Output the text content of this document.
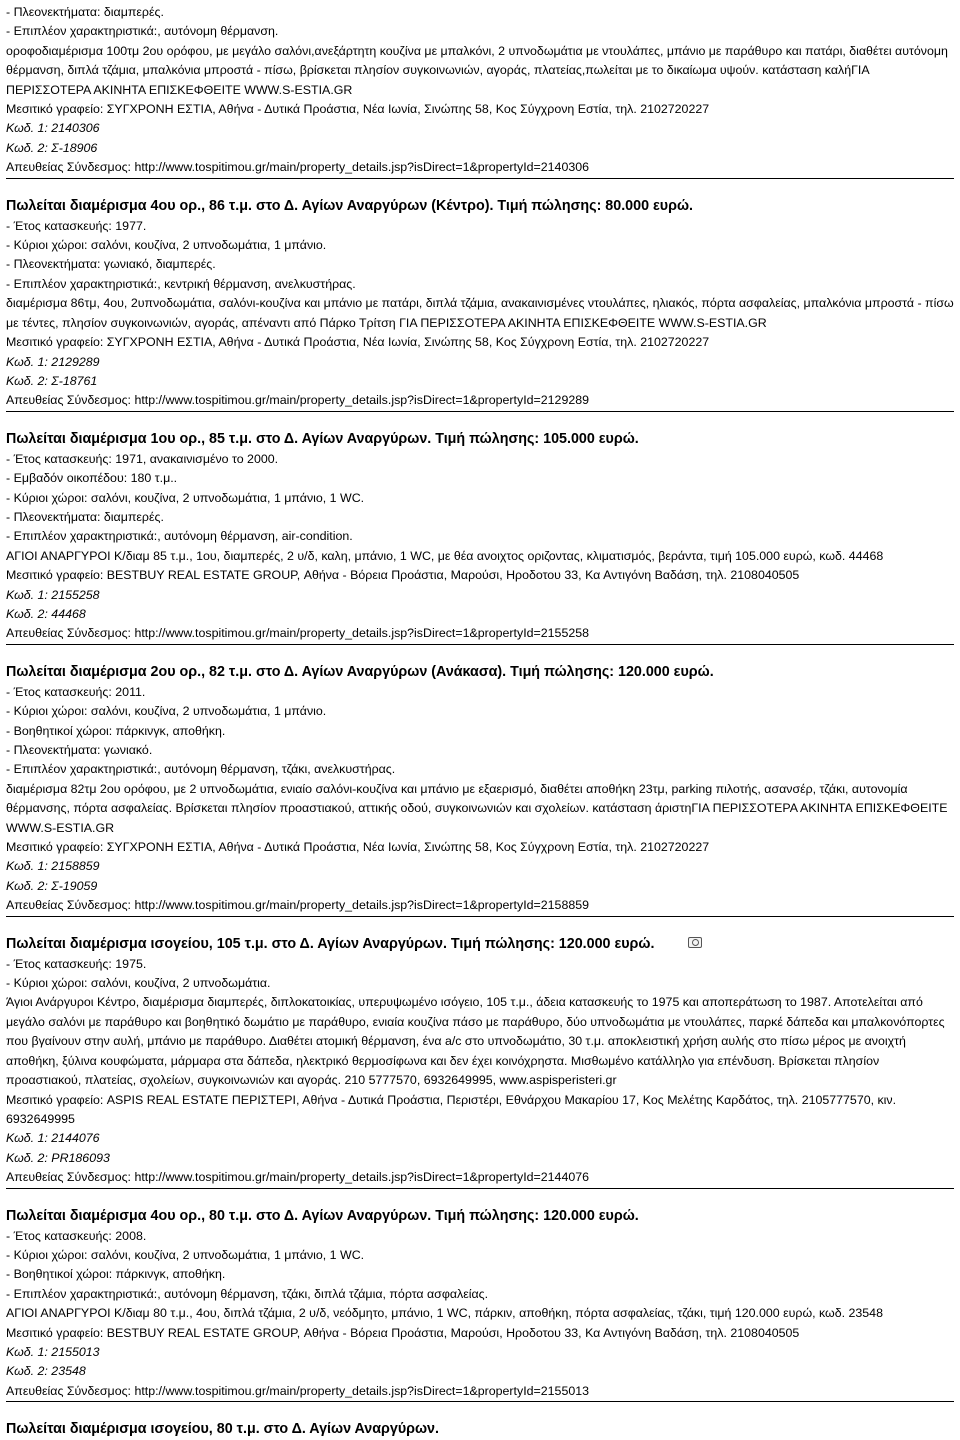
- Πλεονεκτήματα: διαμπερές.

- Επιπλέον χαρακτηριστικά:, αυτόνομη θέρμανση.

οροφοδιαμέρισμα 100τμ 2ου ορόφου, με μεγάλο σαλόνι,ανεξάρτητη κουζίνα με μπαλκόνι, 2 υπνοδωμάτια με ντουλάπες, μπάνιο με παράθυρο και πατάρι, διαθέτει αυτόνομη θέρμανση, διπλά τζάμια, μπαλκόνια μπροστά - πίσω, βρίσκεται πλησίον συγκοινωνιών, αγοράς, πλατείας,πωλείται με το δικαίωμα υψούν. κατάσταση καλήΓΙΑ ΠΕΡΙΣΣΟΤΕΡΑ ΑΚΙΝΗΤΑ ΕΠΙΣΚΕΦΘΕΙΤΕ WWW.S-ESTIA.GR

Μεσιτικό γραφείο: ΣΥΓΧΡΟΝΗ ΕΣΤΙΑ, Αθήνα - Δυτικά Προάστια, Νέα Ιωνία, Σινώπης 58, Κος Σύγχρονη Εστία, τηλ. 2102720227

Κωδ. 1: 2140306

Κωδ. 2: Σ-18906

Απευθείας Σύνδεσμος: http://www.tospitimou.gr/main/property_details.jsp?isDirect=1&propertyId=2140306

Πωλείται διαμέρισμα 4ου ορ., 86 τ.μ. στο Δ. Αγίων Αναργύρων (Κέντρο). Τιμή πώλησης: 80.000 ευρώ.

- Έτος κατασκευής: 1977.

- Κύριοι χώροι: σαλόνι, κουζίνα, 2 υπνοδωμάτια, 1 μπάνιο.

- Πλεονεκτήματα: γωνιακό, διαμπερές.

- Επιπλέον χαρακτηριστικά:, κεντρική θέρμανση, ανελκυστήρας.

διαμέρισμα 86τμ, 4ου, 2υπνοδωμάτια, σαλόνι-κουζίνα και μπάνιο με πατάρι, διπλά τζάμια, ανακαινισμένες ντουλάπες, ηλιακός, πόρτα ασφαλείας, μπαλκόνια μπροστά - πίσω με τέντες, πλησίον συγκοινωνιών, αγοράς, απέναντι από Πάρκο Τρίτση ΓΙΑ ΠΕΡΙΣΣΟΤΕΡΑ ΑΚΙΝΗΤΑ ΕΠΙΣΚΕΦΘΕΙΤΕ WWW.S-ESTIA.GR

Μεσιτικό γραφείο: ΣΥΓΧΡΟΝΗ ΕΣΤΙΑ, Αθήνα - Δυτικά Προάστια, Νέα Ιωνία, Σινώπης 58, Κος Σύγχρονη Εστία, τηλ. 2102720227

Κωδ. 1: 2129289

Κωδ. 2: Σ-18761

Απευθείας Σύνδεσμος: http://www.tospitimou.gr/main/property_details.jsp?isDirect=1&propertyId=2129289

Πωλείται διαμέρισμα 1ου ορ., 85 τ.μ. στο Δ. Αγίων Αναργύρων. Τιμή πώλησης: 105.000 ευρώ.

- Έτος κατασκευής: 1971, ανακαινισμένο το 2000.

- Εμβαδόν οικοπέδου: 180 τ.μ..

- Κύριοι χώροι: σαλόνι, κουζίνα, 2 υπνοδωμάτια, 1 μπάνιο, 1 WC.

- Πλεονεκτήματα: διαμπερές.

- Επιπλέον χαρακτηριστικά:, αυτόνομη θέρμανση, air-condition.

ΑΓΙΟΙ ΑΝΑΡΓΥΡΟΙ Κ/διαμ 85 τ.μ., 1ου, διαμπερές, 2 υ/δ, καλη, μπάνιο, 1 WC, με θέα ανοιχτος οριζοντας, κλιματισμός, βεράντα, τιμή 105.000 ευρώ, κωδ. 44468

Μεσιτικό γραφείο: BESTBUY REAL ESTATE GROUP, Αθήνα - Βόρεια Προάστια, Μαρούσι, Ηροδοτου 33, Κα Αντιγόνη Βαδάση, τηλ. 2108040505

Κωδ. 1: 2155258

Κωδ. 2: 44468

Απευθείας Σύνδεσμος: http://www.tospitimou.gr/main/property_details.jsp?isDirect=1&propertyId=2155258

Πωλείται διαμέρισμα 2ου ορ., 82 τ.μ. στο Δ. Αγίων Αναργύρων (Ανάκασα). Τιμή πώλησης: 120.000 ευρώ.

- Έτος κατασκευής: 2011.

- Κύριοι χώροι: σαλόνι, κουζίνα, 2 υπνοδωμάτια, 1 μπάνιο.

- Βοηθητικοί χώροι: πάρκινγκ, αποθήκη.

- Πλεονεκτήματα: γωνιακό.

- Επιπλέον χαρακτηριστικά:, αυτόνομη θέρμανση, τζάκι, ανελκυστήρας.

διαμέρισμα 82τμ 2ου ορόφου, με 2 υπνοδωμάτια, ενιαίο σαλόνι-κουζίνα και μπάνιο με εξαερισμό, διαθέτει αποθήκη 23τμ, parking πιλοτής, ασανσέρ, τζάκι, αυτονομία θέρμανσης, πόρτα ασφαλείας. Βρίσκεται πλησίον προαστιακού, αττικής οδού, συγκοινωνιών και σχολείων. κατάσταση άριστηΓΙΑ ΠΕΡΙΣΣΟΤΕΡΑ ΑΚΙΝΗΤΑ ΕΠΙΣΚΕΦΘΕΙΤΕ WWW.S-ESTIA.GR

Μεσιτικό γραφείο: ΣΥΓΧΡΟΝΗ ΕΣΤΙΑ, Αθήνα - Δυτικά Προάστια, Νέα Ιωνία, Σινώπης 58, Κος Σύγχρονη Εστία, τηλ. 2102720227

Κωδ. 1: 2158859

Κωδ. 2: Σ-19059

Απευθείας Σύνδεσμος: http://www.tospitimou.gr/main/property_details.jsp?isDirect=1&propertyId=2158859

Πωλείται διαμέρισμα ισογείου, 105 τ.μ. στο Δ. Αγίων Αναργύρων. Τιμή πώλησης: 120.000 ευρώ.

- Έτος κατασκευής: 1975.

- Κύριοι χώροι: σαλόνι, κουζίνα, 2 υπνοδωμάτια.

Άγιοι Ανάργυροι Κέντρο, διαμέρισμα διαμπερές, διπλοκατοικίας, υπερυψωμένο ισόγειο, 105 τ.μ., άδεια κατασκευής το 1975 και αποπεράτωση το 1987. Αποτελείται από μεγάλο σαλόνι με παράθυρο και βοηθητικό δωμάτιο με παράθυρο, ενιαία κουζίνα πάσο με παράθυρο, δύο υπνοδωμάτια με ντουλάπες, παρκέ δάπεδα και μπαλκονόπορτες που βγαίνουν στην αυλή, μπάνιο με παράθυρο. Διαθέτει ατομική θέρμανση, ένα a/c στο υπνοδωμάτιο, 30 τ.μ. αποκλειστική χρήση αυλής στο πίσω μέρος με ανοιχτή αποθήκη, ξύλινα κουφώματα, μάρμαρα στα δάπεδα, ηλεκτρικό θερμοσίφωνα και δεν έχει κοινόχρηστα. Μισθωμένο κατάλληλο για επένδυση. Βρίσκεται πλησίον προαστιακού, πλατείας, σχολείων, συγκοινωνιών και αγοράς. 210 5777570, 6932649995, www.aspisperisteri.gr

Μεσιτικό γραφείο: ASPIS REAL ESTATE ΠΕΡΙΣΤΕΡΙ, Αθήνα - Δυτικά Προάστια, Περιστέρι, Εθνάρχου Μακαρίου 17, Κος Μελέτης Καρδάτος, τηλ. 2105777570, κιν. 6932649995

Κωδ. 1: 2144076

Κωδ. 2: PR186093

Απευθείας Σύνδεσμος: http://www.tospitimou.gr/main/property_details.jsp?isDirect=1&propertyId=2144076

Πωλείται διαμέρισμα 4ου ορ., 80 τ.μ. στο Δ. Αγίων Αναργύρων. Τιμή πώλησης: 120.000 ευρώ.

- Έτος κατασκευής: 2008.

- Κύριοι χώροι: σαλόνι, κουζίνα, 2 υπνοδωμάτια, 1 μπάνιο, 1 WC.

- Βοηθητικοί χώροι: πάρκινγκ, αποθήκη.

- Επιπλέον χαρακτηριστικά:, αυτόνομη θέρμανση, τζάκι, διπλά τζάμια, πόρτα ασφαλείας.

ΑΓΙΟΙ ΑΝΑΡΓΥΡΟΙ Κ/διαμ 80 τ.μ., 4ου, διπλά τζάμια, 2 υ/δ, νεόδμητο, μπάνιο, 1 WC, πάρκιν, αποθήκη, πόρτα ασφαλείας, τζάκι, τιμή 120.000 ευρώ, κωδ. 23548

Μεσιτικό γραφείο: BESTBUY REAL ESTATE GROUP, Αθήνα - Βόρεια Προάστια, Μαρούσι, Ηροδοτου 33, Κα Αντιγόνη Βαδάση, τηλ. 2108040505

Κωδ. 1: 2155013

Κωδ. 2: 23548

Απευθείας Σύνδεσμος: http://www.tospitimou.gr/main/property_details.jsp?isDirect=1&propertyId=2155013

Πωλείται διαμέρισμα ισογείου, 80 τ.μ. στο Δ. Αγίων Αναργύρων.
